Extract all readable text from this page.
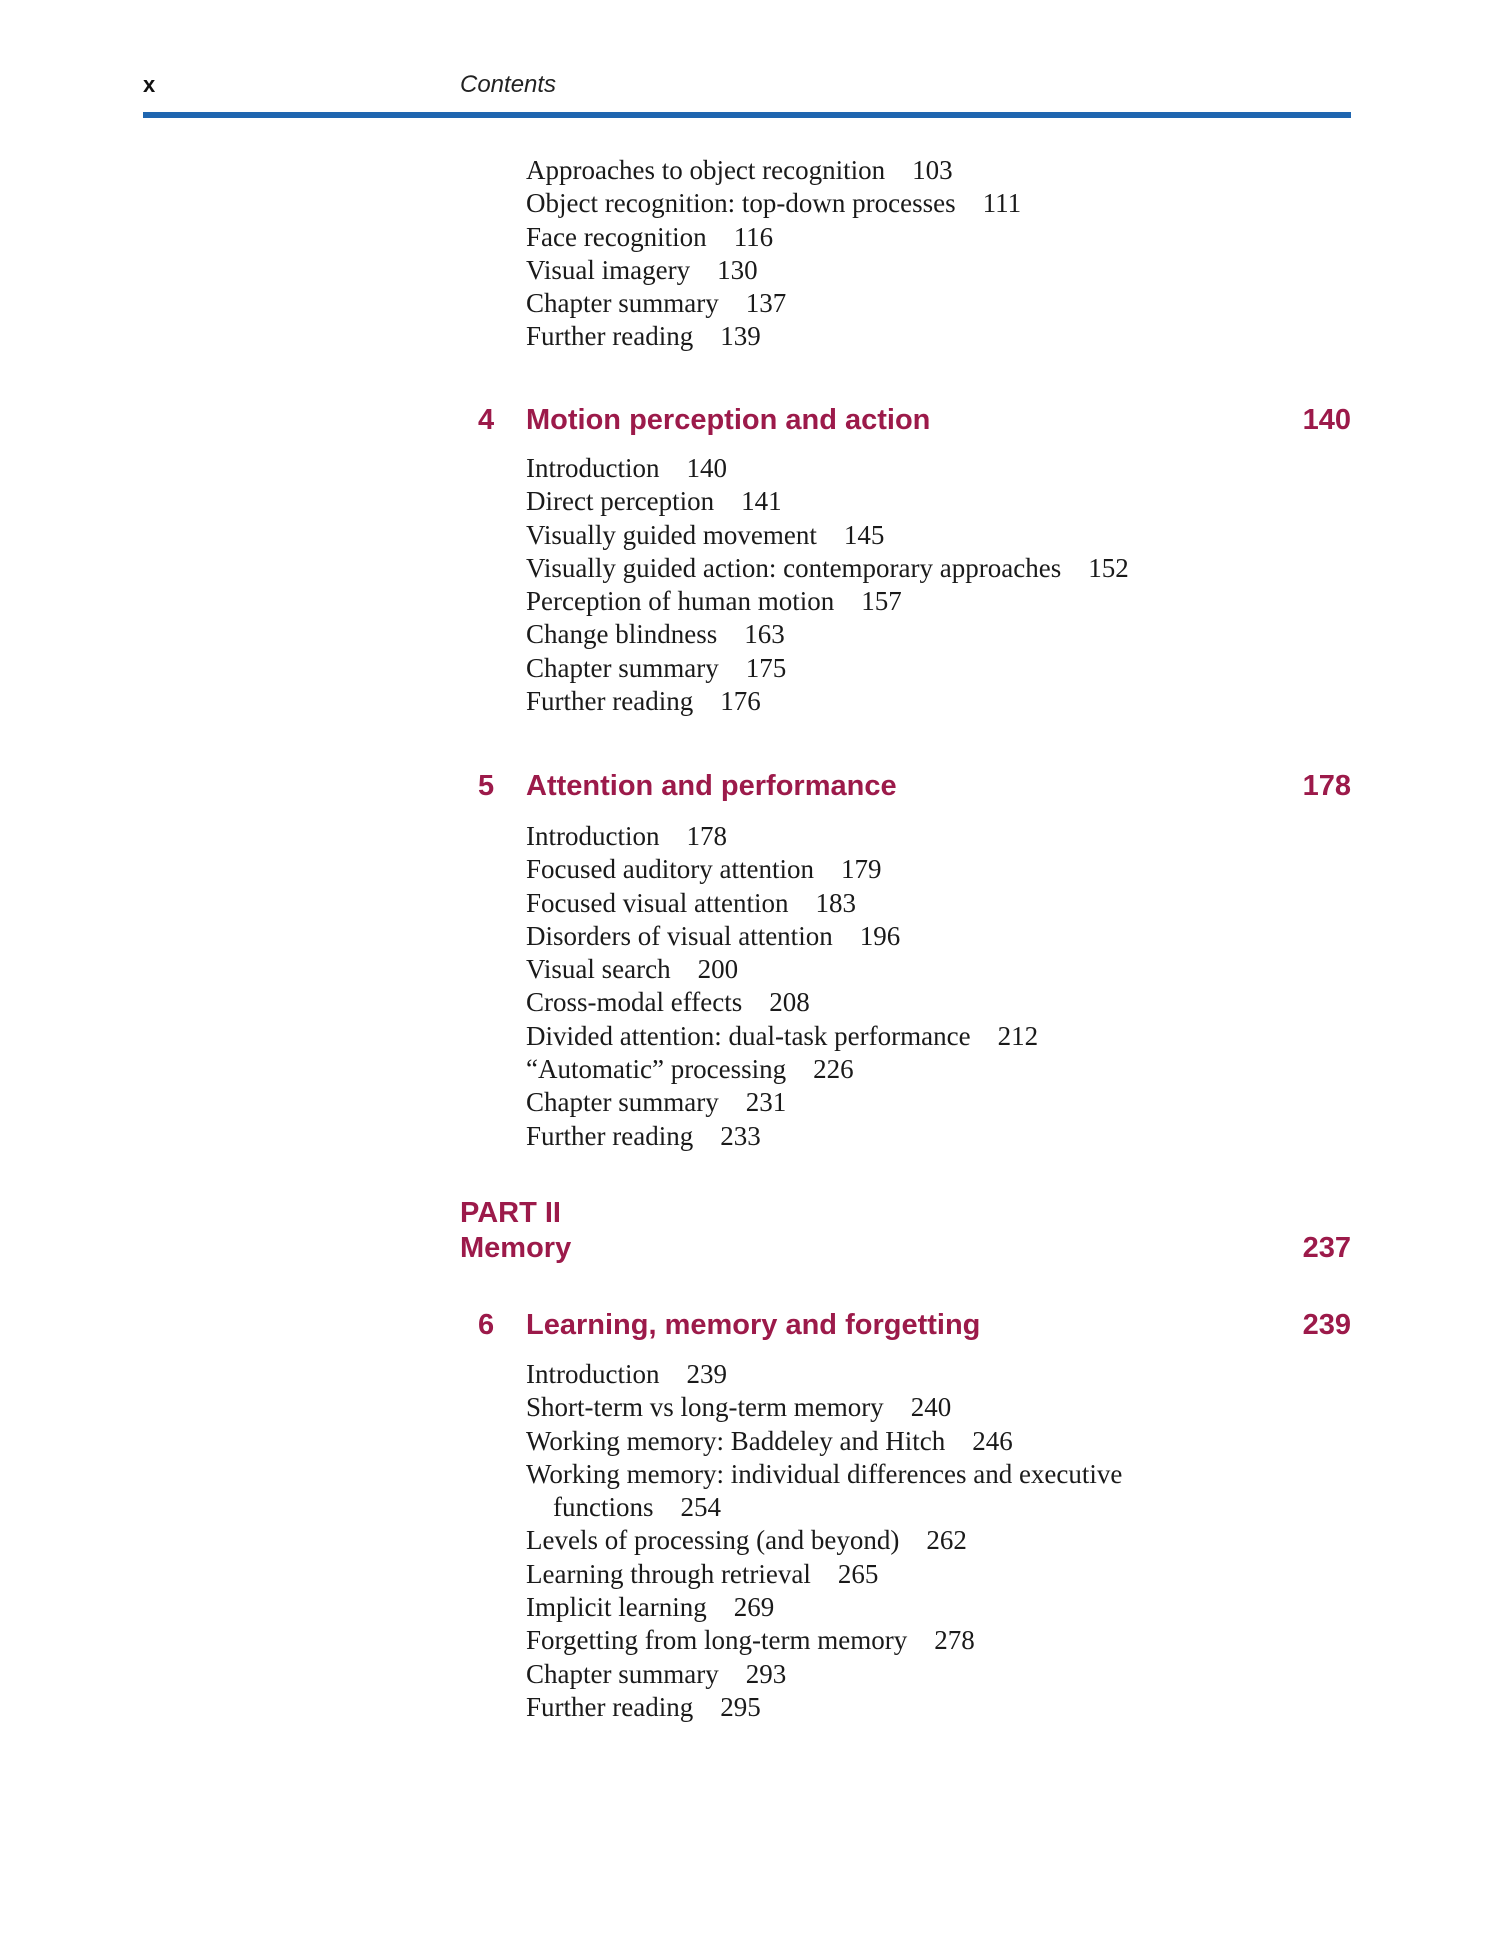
x	Contents
Approaches to object recognition 103
Object recognition: top-down processes 111
Face recognition 116
Visual imagery 130
Chapter summary 137
Further reading 139
4 Motion perception and action	140
Introduction 140
Direct perception 141
Visually guided movement 145
Visually guided action: contemporary approaches 152
Perception of human motion 157
Change blindness 163
Chapter summary 175
Further reading 176
5 Attention and performance	178
Introduction 178
Focused auditory attention 179
Focused visual attention 183
Disorders of visual attention 196
Visual search 200
Cross-modal effects 208
Divided attention: dual-task performance 212
“Automatic” processing 226
Chapter summary 231
Further reading 233
PART II
Memory	237
6 Learning, memory and forgetting	239
Introduction 239
Short-term vs long-term memory 240
Working memory: Baddeley and Hitch 246
Working memory: individual differences and executive
functions 254
Levels of processing (and beyond) 262
Learning through retrieval 265
Implicit learning 269
Forgetting from long-term memory 278
Chapter summary 293
Further reading 295
